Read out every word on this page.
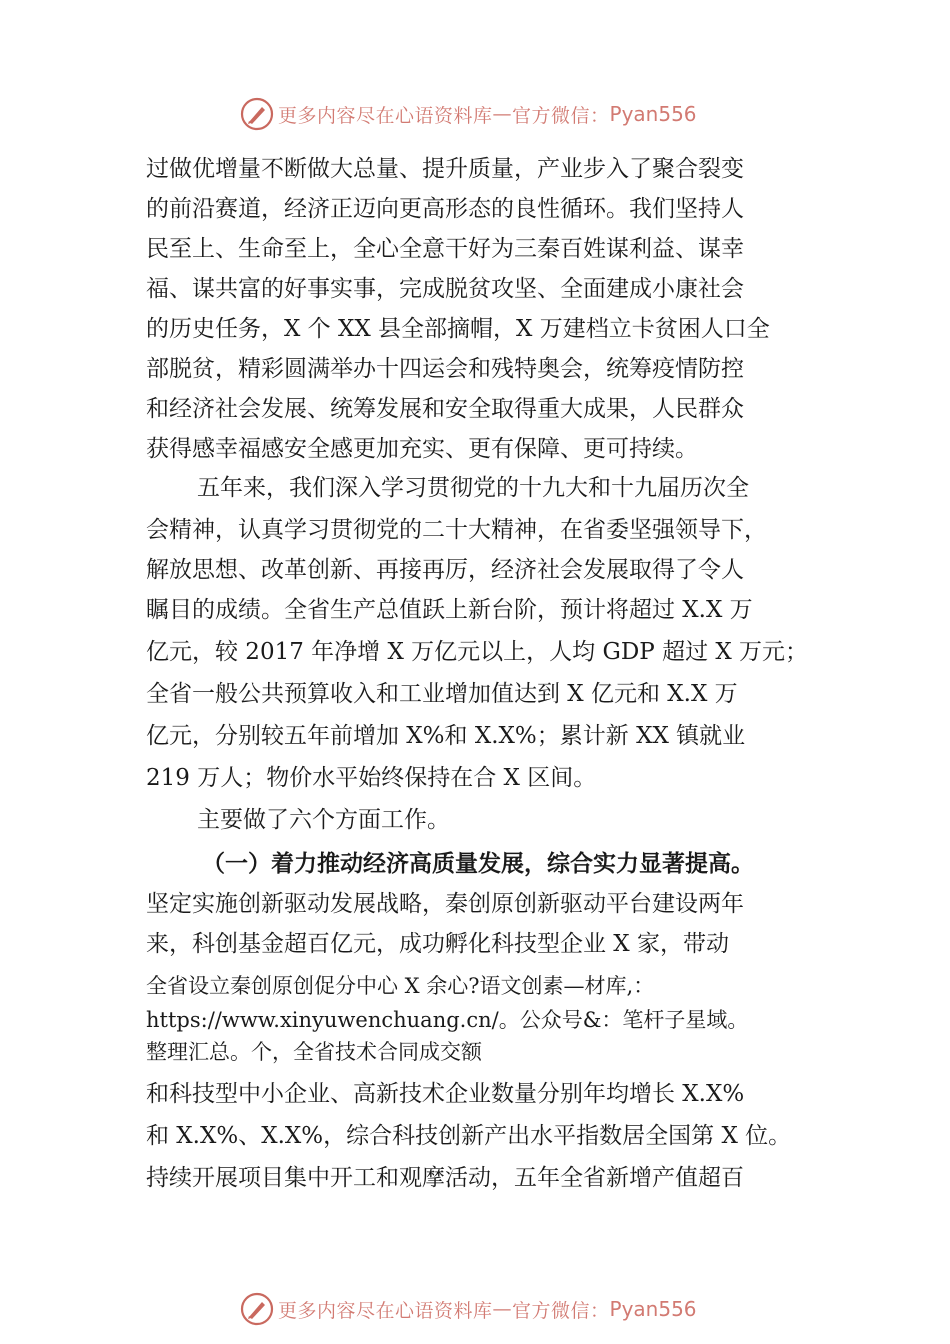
更多内容尽在心语资料库 — 官方微信： Pyan556
过做优增量不断做大总量、提升质量，产业步入了聚合裂变
的前沿赛道，经济正迈向更高形态的良性循环。我们坚持人
民至上、生命至上，全心全意干好为三秦百姓谋利益、谋幸
福、谋共富的好事实事，完成脱贫攻坚、全面建成小康社会
的历史任务，X 个 XX 县全部摘帽，X 万建档立卡贫困人口全
部脱贫，精彩圆满举办十四运会和残特奥会，统筹疫情防控
和经济社会发展、统筹发展和安全取得重大成果，人民群众
获得感幸福感安全感更加充实、更有保障、更可持续。
五年来，我们深入学习贯彻党的十九大和十九届历次全
会精神，认真学习贯彻党的二十大精神，在省委坚强领导下，
解放思想、改革创新、再接再厉，经济社会发展取得了令人
瞩目的成绩。全省生产总值跃上新台阶，预计将超过 X.X 万
亿元，较 2017 年净增 X 万亿元以上，人均 GDP 超过 X 万元；
全省一般公共预算收入和工业增加值达到 X 亿元和 X.X 万
亿元，分别较五年前增加 X%和 X.X%；累计新 XX 镇就业
219 万人；物价水平始终保持在合 X 区间。
主要做了六个方面工作。
（一）着力推动经济高质量发展，综合实力显著提高。
坚定实施创新驱动发展战略，秦创原创新驱动平台建设两年
来，科创基金超百亿元，成功孵化科技型企业 X 家，带动
全省设立秦创原创促分中心 X 余心?语文创素—材库,：
https://www.xinyuwenchuang.cn/。公众号&：笔杆子星域。
整理汇总。个，全省技术合同成交额
和科技型中小企业、高新技术企业数量分别年均增长 X.X%
和 X.X%、X.X%，综合科技创新产出水平指数居全国第 X 位。
持续开展项目集中开工和观摩活动，五年全省新增产值超百
更多内容尽在心语资料库 — 官方微信： Pyan556
